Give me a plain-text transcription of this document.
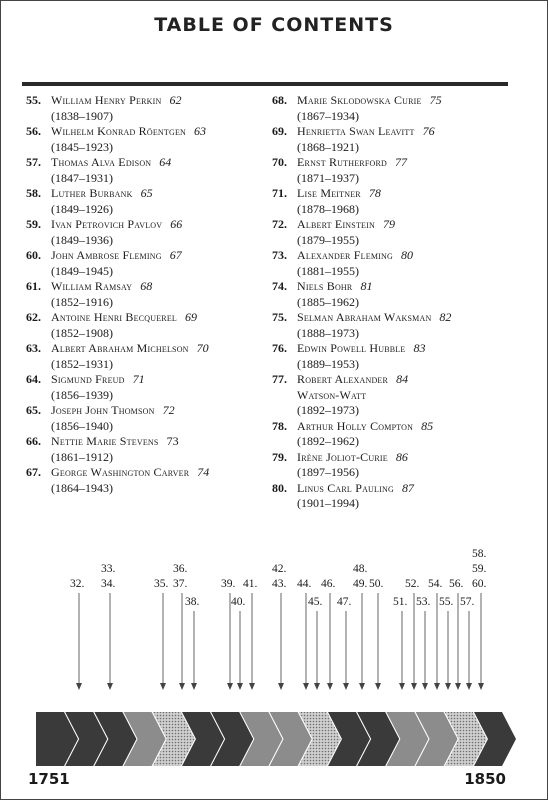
TABLE OF CONTENTS
55. William Henry Perkin 62
(1838–1907)
56. Wilhelm Konrad Röentgen 63
(1845–1923)
57. Thomas Alva Edison 64
(1847–1931)
58. Luther Burbank 65
(1849–1926)
59. Ivan Petrovich Pavlov 66
(1849–1936)
60. John Ambrose Fleming 67
(1849–1945)
61. William Ramsay 68
(1852–1916)
62. Antoine Henri Becquerel 69
(1852–1908)
63. Albert Abraham Michelson 70
(1852–1931)
64. Sigmund Freud 71
(1856–1939)
65. Joseph John Thomson 72
(1856–1940)
66. Nettie Marie Stevens 73
(1861–1912)
67. George Washington Carver 74
(1864–1943)
68. Marie Sklodowska Curie 75
(1867–1934)
69. Henrietta Swan Leavitt 76
(1868–1921)
70. Ernst Rutherford 77
(1871–1937)
71. Lise Meitner 78
(1878–1968)
72. Albert Einstein 79
(1879–1955)
73. Alexander Fleming 80
(1881–1955)
74. Niels Bohr 81
(1885–1962)
75. Selman Abraham Waksman 82
(1888–1973)
76. Edwin Powell Hubble 83
(1889–1953)
77. Robert Alexander 84
Watson-Watt
(1892–1973)
78. Arthur Holly Compton 85
(1892–1962)
79. Irène Joliot-Curie 86
(1897–1956)
80. Linus Carl Pauling 87
(1901–1994)
32.
33.
34.	35.
36.
37.
38.
39.
40.
41.
42.
43. 44.
45.
46.
47.
48.
49. 50.
51.
52.
53.
54.
55.
56.
57.
58.
59.
60.
1751	1850
